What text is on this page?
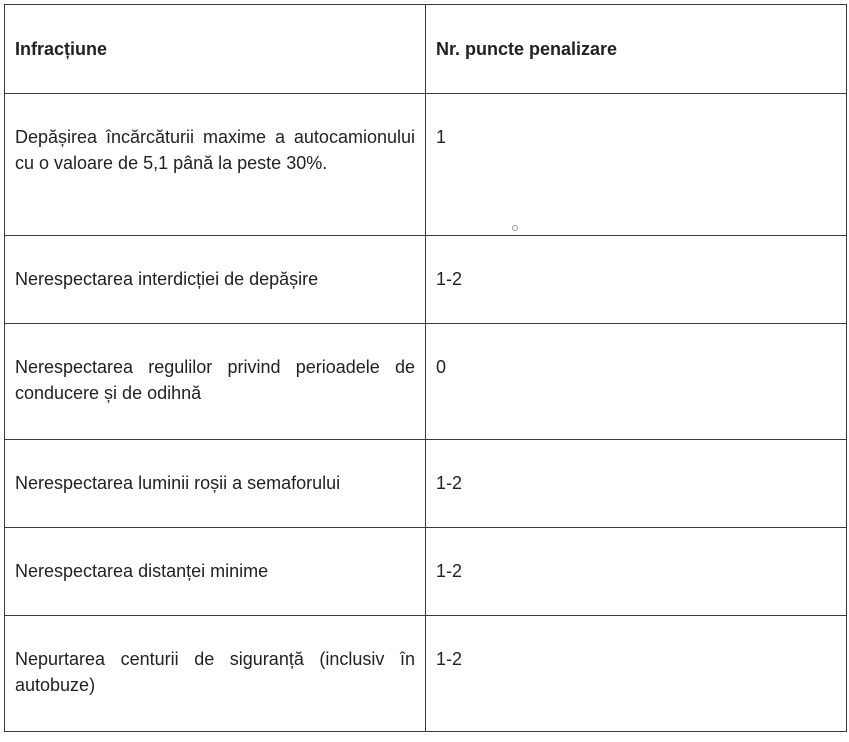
Infracțiune	Nr. puncte penalizare

Depășirea încărcăturii maxime a autocamionului cu o valoare de 5,1 până la peste 30%.	1

Nerespectarea interdicției de depășire	1-2

Nerespectarea regulilor privind perioadele de conducere și de odihnă	0

Nerespectarea luminii roșii a semaforului	1-2

Nerespectarea distanței minime	1-2

Nepurtarea centurii de siguranță (inclusiv în autobuze)	1-2
